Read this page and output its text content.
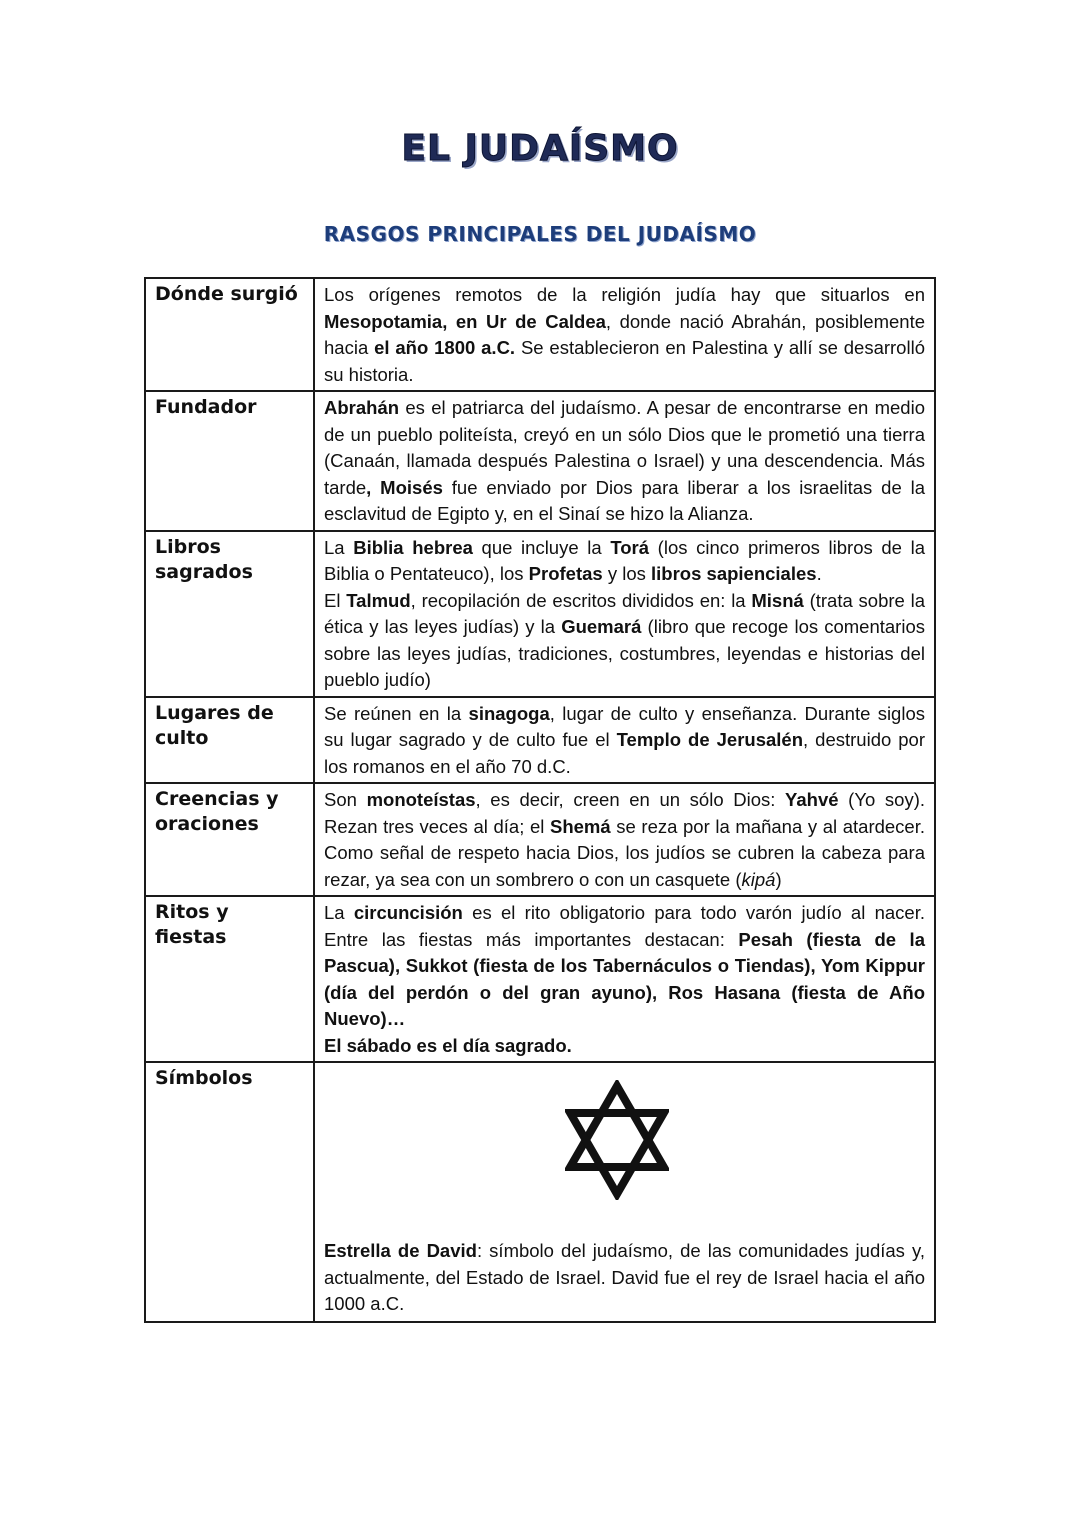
EL JUDAÍSMO
RASGOS PRINCIPALES DEL JUDAÍSMO
Dónde surgió	Los orígenes remotos de la religión judía hay que situarlos en Mesopotamia, en Ur de Caldea, donde nació Abrahán, posiblemente hacia el año 1800 a.C. Se establecieron en Palestina y allí se desarrolló su historia.

Fundador	Abrahán es el patriarca del judaísmo. A pesar de encontrarse en medio de un pueblo politeísta, creyó en un sólo Dios que le prometió una tierra (Canaán, llamada después Palestina o Israel) y una descendencia. Más tarde, Moisés fue enviado por Dios para liberar a los israelitas de la esclavitud de Egipto y, en el Sinaí se hizo la Alianza.

Libros sagrados	La Biblia hebrea que incluye la Torá (los cinco primeros libros de la Biblia o Pentateuco), los Profetas y los libros sapienciales.

El Talmud, recopilación de escritos divididos en: la Misná (trata sobre la ética y las leyes judías) y la Guemará (libro que recoge los comentarios sobre las leyes judías, tradiciones, costumbres, leyendas e historias del pueblo judío)

Lugares de culto	Se reúnen en la sinagoga, lugar de culto y enseñanza. Durante siglos su lugar sagrado y de culto fue el Templo de Jerusalén, destruido por los romanos en el año 70 d.C.

Creencias y oraciones	Son monoteístas, es decir, creen en un sólo Dios: Yahvé (Yo soy). Rezan tres veces al día; el Shemá se reza por la mañana y al atardecer. Como señal de respeto hacia Dios, los judíos se cubren la cabeza para rezar, ya sea con un sombrero o con un casquete (kipá)

Ritos y fiestas	La circuncisión es el rito obligatorio para todo varón judío al nacer. Entre las fiestas más importantes destacan: Pesah (fiesta de la Pascua), Sukkot (fiesta de los Tabernáculos o Tiendas), Yom Kippur (día del perdón o del gran ayuno), Ros Hasana (fiesta de Año Nuevo)…

El sábado es el día sagrado.

Símbolos	Estrella de David: símbolo del judaísmo, de las comunidades judías y, actualmente, del Estado de Israel. David fue el rey de Israel hacia el año 1000 a.C.
